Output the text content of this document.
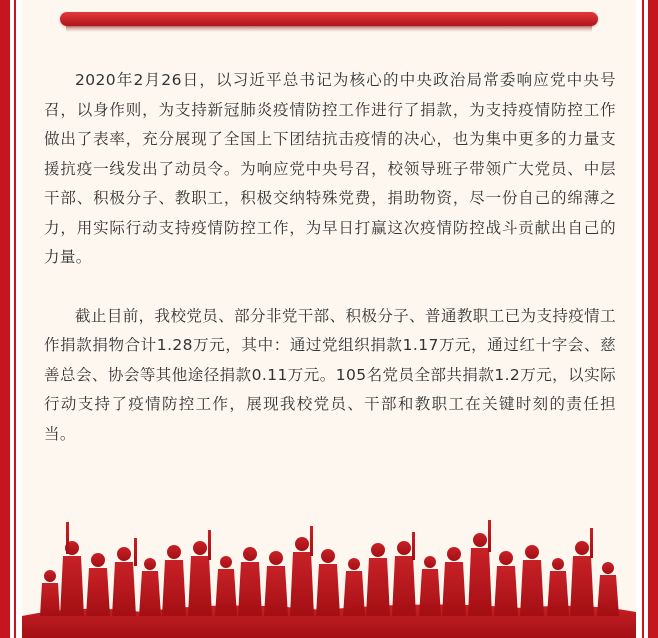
2020年2月26日，以习近平总书记为核心的中央政治局常委响应党中央号召，以身作则，为支持新冠肺炎疫情防控工作进行了捐款，为支持疫情防控工作做出了表率，充分展现了全国上下团结抗击疫情的决心，也为集中更多的力量支援抗疫一线发出了动员令。为响应党中央号召，校领导班子带领广大党员、中层干部、积极分子、教职工，积极交纳特殊党费，捐助物资，尽一份自己的绵薄之力，用实际行动支持疫情防控工作，为早日打赢这次疫情防控战斗贡献出自己的力量。

截止目前，我校党员、部分非党干部、积极分子、普通教职工已为支持疫情工作捐款捐物合计1.28万元，其中：通过党组织捐款1.17万元，通过红十字会、慈善总会、协会等其他途径捐款0.11万元。105名党员全部共捐款1.2万元，以实际行动支持了疫情防控工作，展现我校党员、干部和教职工在关键时刻的责任担当。
